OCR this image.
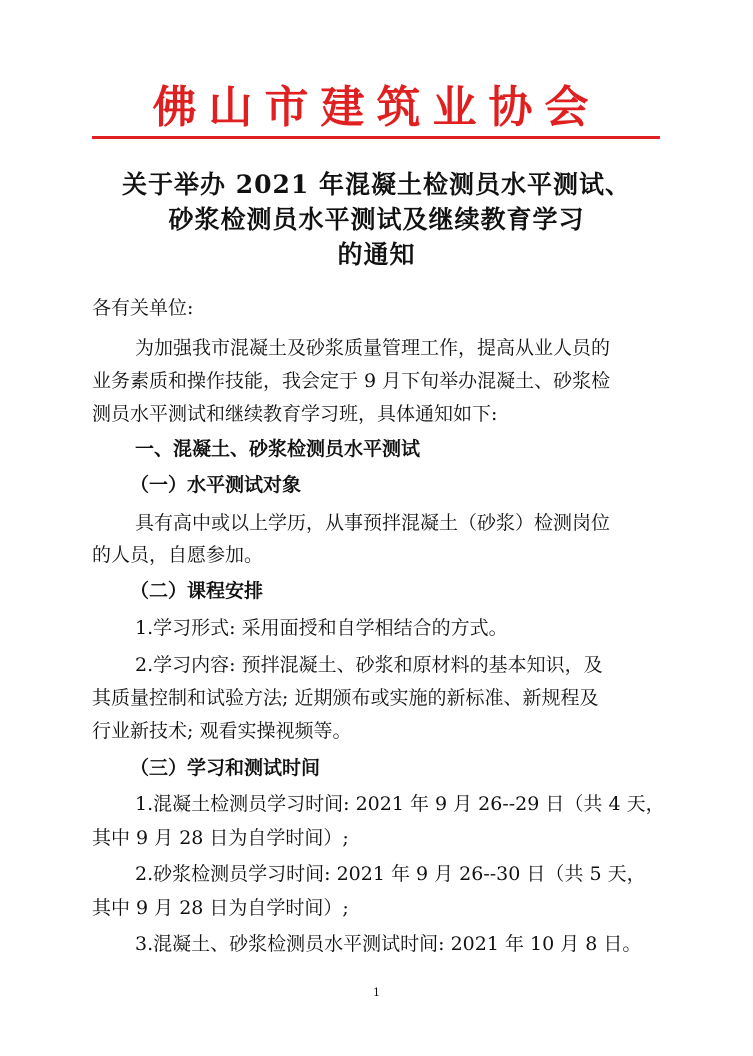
佛山市建筑业协会
关于举办 2021 年混凝土检测员水平测试、
砂浆检测员水平测试及继续教育学习
的通知
各有关单位:
为加强我市混凝土及砂浆质量管理工作，提高从业人员的
业务素质和操作技能，我会定于 9 月下旬举办混凝土、砂浆检
测员水平测试和继续教育学习班，具体通知如下:
一、混凝土、砂浆检测员水平测试
（一）水平测试对象
具有高中或以上学历，从事预拌混凝土（砂浆）检测岗位
的人员，自愿参加。
（二）课程安排
1.学习形式: 采用面授和自学相结合的方式。
2.学习内容: 预拌混凝土、砂浆和原材料的基本知识，及
其质量控制和试验方法; 近期颁布或实施的新标准、新规程及
行业新技术; 观看实操视频等。
（三）学习和测试时间
1.混凝土检测员学习时间: 2021 年 9 月 26--29 日（共 4 天，
其中 9 月 28 日为自学时间）;
2.砂浆检测员学习时间: 2021 年 9 月 26--30 日（共 5 天，
其中 9 月 28 日为自学时间）;
3.混凝土、砂浆检测员水平测试时间: 2021 年 10 月 8 日。
1
